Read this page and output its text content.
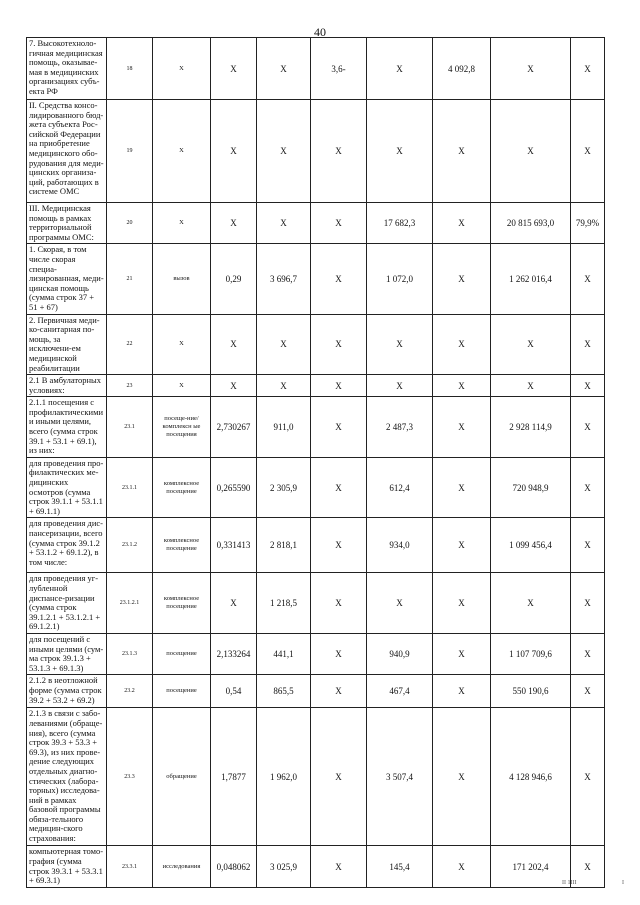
40
7. Высокотехноло-гичная медицинская помощь, оказывае-мая в медицинских организациях субъ-екта РФ	18	X	X	X	3,6-	X	4 092,8	X	X
II. Средства консо-лидированного бюд-жета субъекта Рос-сийской Федерации на приобретение медицинского обо-рудования для меди-цинских организа-ций, работающих в системе ОМС	19	X	X	X	X	X	X	X	X
III. Медицинская помощь в рамках территориальной программы ОМС:	20	X	X	X	X	17 682,3	X	20 815 693,0	79,9%
1. Скорая, в том числе скорая специа-лизированная, меди-цинская помощь (сумма строк 37 + 51 + 67)	21	вызов	0,29	3 696,7	X	1 072,0	X	1 262 016,4	X
2. Первичная меди-ко-санитарная по-мощь, за исключени-ем медицинской реабилитации	22	X	X	X	X	X	X	X	X
2.1 В амбулаторных условиях:	23	X	X	X	X	X	X	X	X
2.1.1 посещения с профилактическими и иными целями, всего (сумма строк 39.1 + 53.1 + 69.1), из них:	23.1	посеще-ние/комплексн ые посещения	2,730267	911,0	X	2 487,3	X	2 928 114,9	X
для проведения про-филактических ме-дицинских осмотров (сумма строк 39.1.1 + 53.1.1 + 69.1.1)	23.1.1	комплексное посещение	0,265590	2 305,9	X	612,4	X	720 948,9	X
для проведения дис-пансеризации, всего (сумма строк 39.1.2 + 53.1.2 + 69.1.2), в том числе:	23.1.2	комплексное посещение	0,331413	2 818,1	X	934,0	X	1 099 456,4	X
для проведения уг-лубленной диспансе-ризации (сумма строк 39.1.2.1 + 53.1.2.1 + 69.1.2.1)	23.1.2.1	комплексное посещение	X	1 218,5	X	X	X	X	X
для посещений с иными целями (сум-ма строк 39.1.3 + 53.1.3 + 69.1.3)	23.1.3	посещение	2,133264	441,1	X	940,9	X	1 107 709,6	X
2.1.2 в неотложной форме (сумма строк 39.2 + 53.2 + 69.2)	23.2	посещение	0,54	865,5	X	467,4	X	550 190,6	X
2.1.3 в связи с забо-леваниями (обраще-ния), всего (сумма строк 39.3 + 53.3 + 69.3), из них прове-дение следующих отдельных диагно-стических (лабора-торных) исследова-ний в рамках базовой программы обяза-тельного медицин-ского страхования:	23.3	обращение	1,7877	1 962,0	X	3 507,4	X	4 128 946,6	X
компьютерная томо-графия (сумма строк 39.3.1 + 53.3.1 + 69.3.1)	23.3.1	исследования	0,048062	3 025,9	X	145,4	X	171 202,4	X
II 1III	I
